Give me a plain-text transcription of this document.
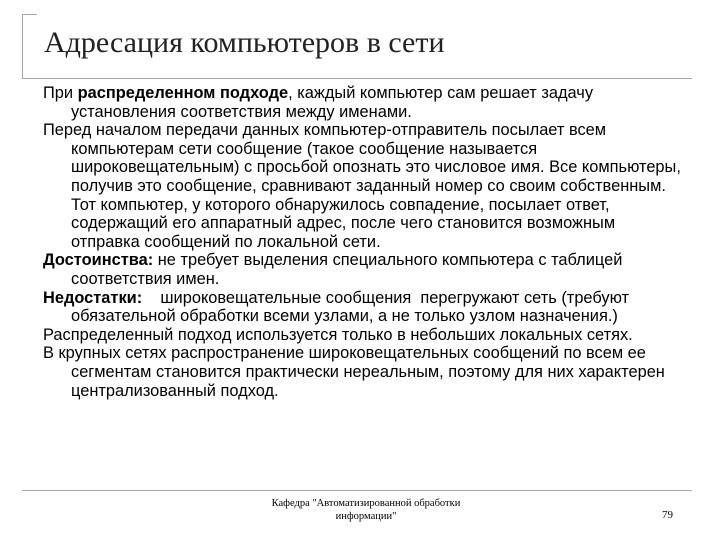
Адресация компьютеров в сети

При распределенном подходе, каждый компьютер сам решает задачу установления соответствия между именами.

Перед началом передачи данных компьютер-отправитель посылает всем компьютерам сети сообщение (такое сообщение называется широковещательным) с просьбой опознать это числовое имя. Все компьютеры, получив это сообщение, сравнивают заданный номер со своим собственным. Тот компьютер, у которого обнаружилось совпадение, посылает ответ, содержащий его аппаратный адрес, после чего становится возможным отправка сообщений по локальной сети.

Достоинства: не требует выделения специального компьютера с таблицей соответствия имен.

Недостатки:    широковещательные сообщения  перегружают сеть (требуют обязательной обработки всеми узлами, а не только узлом назначения.)

Распределенный подход используется только в небольших локальных сетях.

В крупных сетях распространение широковещательных сообщений по всем ее сегментам становится практически нереальным, поэтому для них характерен централизованный подход.

Кафедра "Автоматизированной обработки
информации"	79
